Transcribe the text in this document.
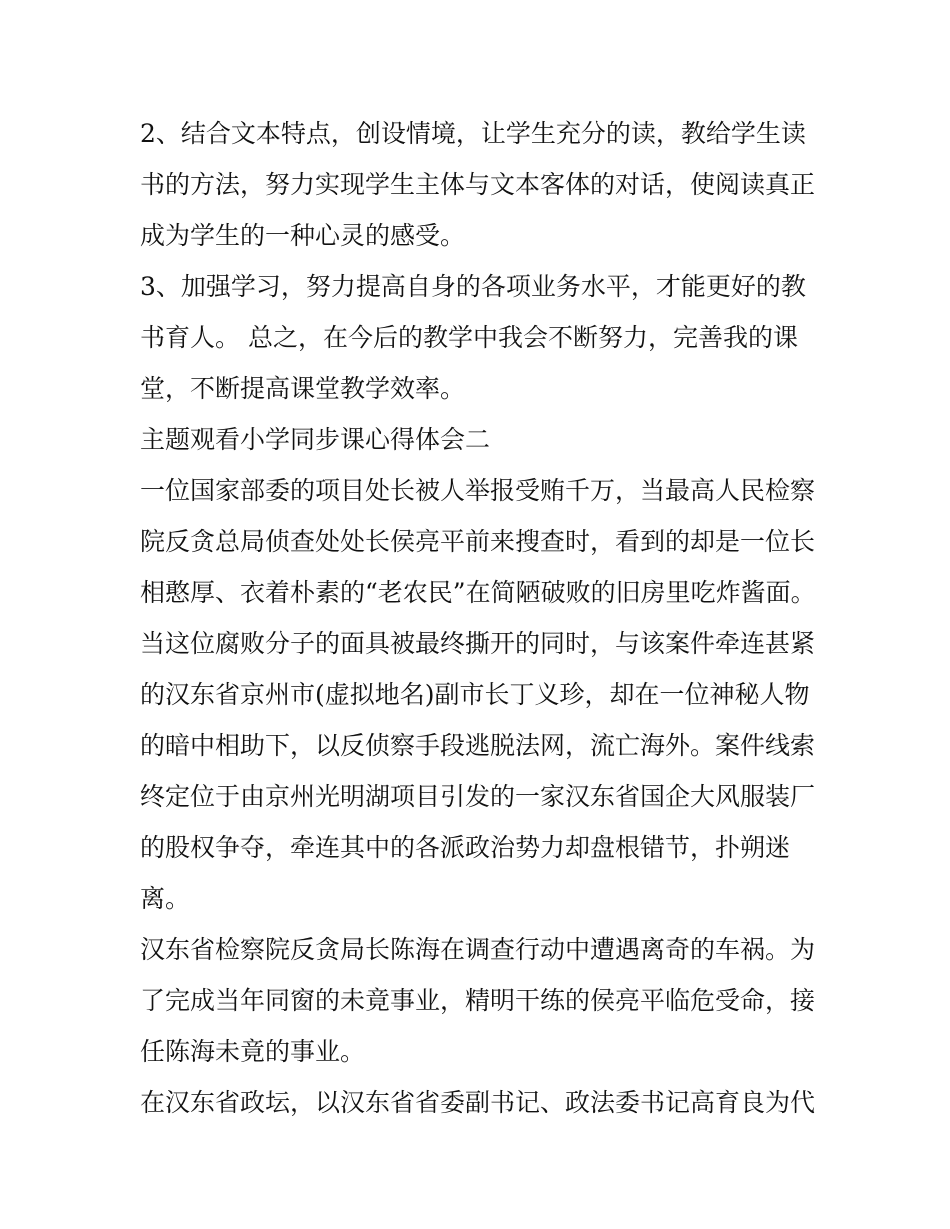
2、结合文本特点，创设情境，让学生充分的读，教给学生读
书的方法，努力实现学生主体与文本客体的对话，使阅读真正
成为学生的一种心灵的感受。
3、加强学习，努力提高自身的各项业务水平，才能更好的教
书育人。 总之，在今后的教学中我会不断努力，完善我的课
堂，不断提高课堂教学效率。
主题观看小学同步课心得体会二
一位国家部委的项目处长被人举报受贿千万，当最高人民检察
院反贪总局侦查处处长侯亮平前来搜查时，看到的却是一位长
相憨厚、衣着朴素的“老农民”在简陋破败的旧房里吃炸酱面。
当这位腐败分子的面具被最终撕开的同时，与该案件牵连甚紧
的汉东省京州市(虚拟地名)副市长丁义珍，却在一位神秘人物
的暗中相助下，以反侦察手段逃脱法网，流亡海外。案件线索
终定位于由京州光明湖项目引发的一家汉东省国企大风服装厂
的股权争夺，牵连其中的各派政治势力却盘根错节，扑朔迷
离。
汉东省检察院反贪局长陈海在调查行动中遭遇离奇的车祸。为
了完成当年同窗的未竟事业，精明干练的侯亮平临危受命，接
任陈海未竟的事业。
在汉东省政坛，以汉东省省委副书记、政法委书记高育良为代
